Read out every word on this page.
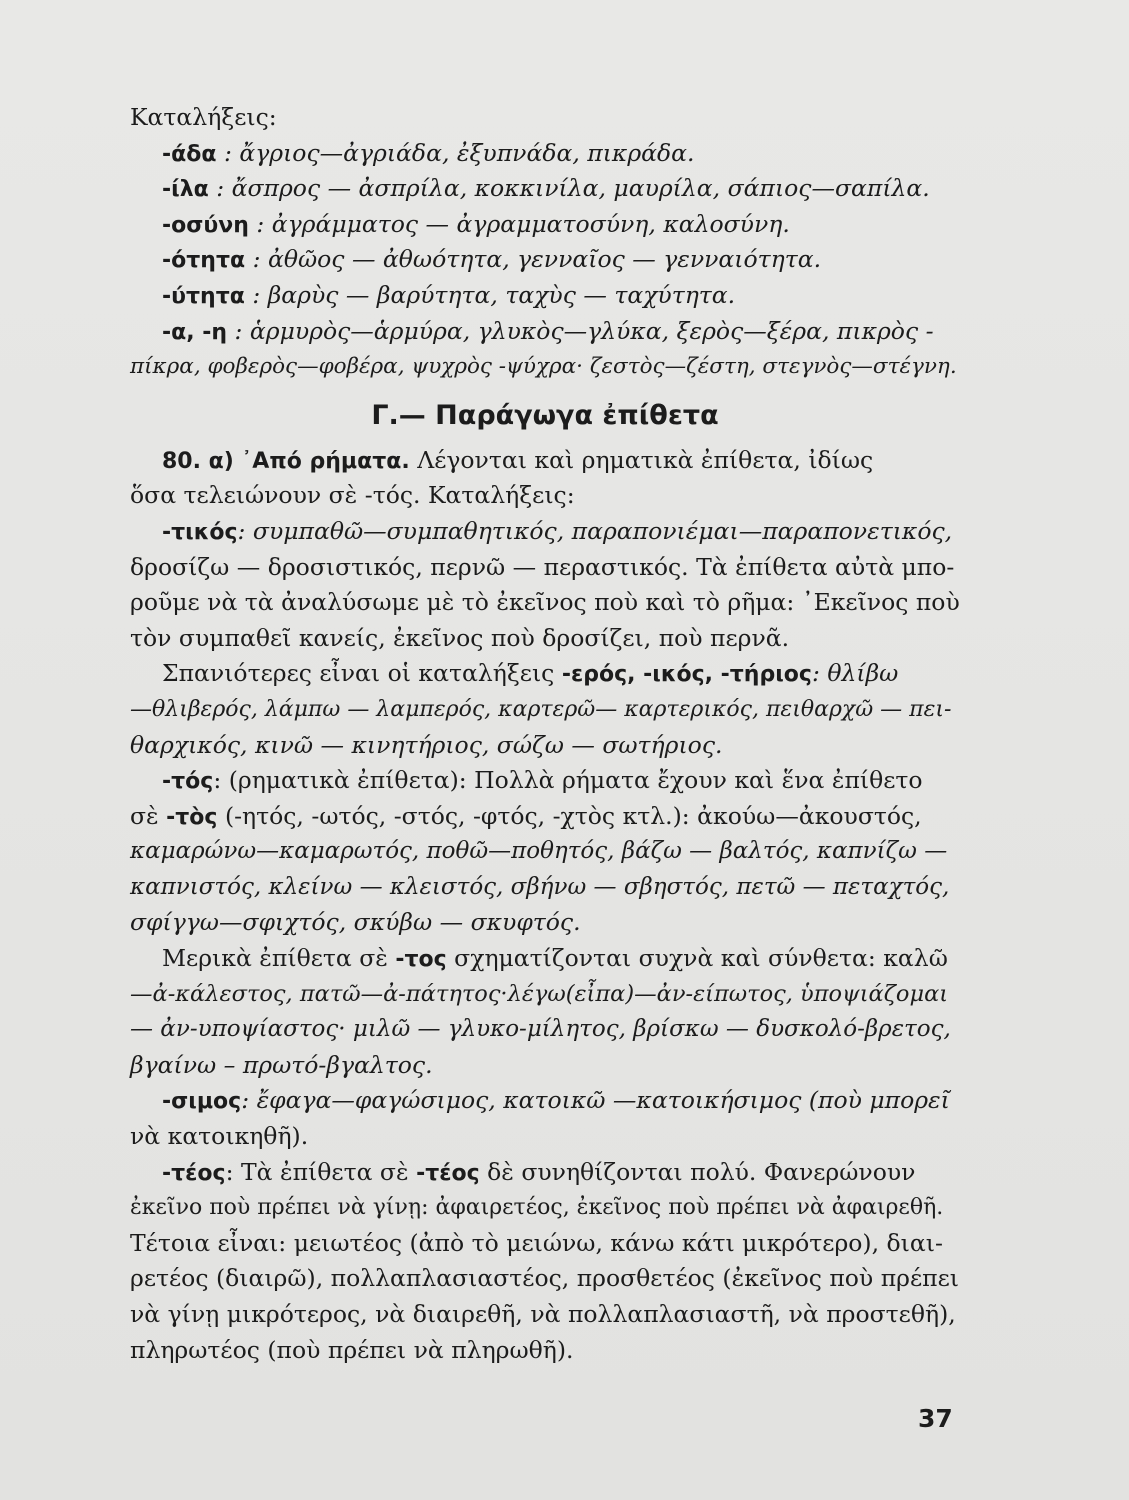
Καταλήξεις:
-άδα : ἄγριος—ἀγριάδα, ἐξυπνάδα, πικράδα.
-ίλα : ἄσπρος — ἀσπρίλα, κοκκινίλα, μαυρίλα, σάπιος—σαπίλα.
-οσύνη : ἀγράμματος — ἀγραμματοσύνη, καλοσύνη.
-ότητα : ἀθῶος — ἀθωότητα, γενναῖος — γενναιότητα.
-ύτητα : βαρὺς — βαρύτητα, ταχὺς — ταχύτητα.
-α, -η : ἁρμυρὸς—ἁρμύρα, γλυκὸς—γλύκα, ξερὸς—ξέρα, πικρὸς -
πίκρα, φοβερὸς—φοβέρα, ψυχρὸς -ψύχρα· ζεστὸς—ζέστη, στεγνὸς—στέγνη.
Γ.— Παράγωγα ἐπίθετα
80. α) ᾽Από ρήματα. Λέγονται καὶ ρηματικὰ ἐπίθετα, ἰδίως
ὅσα τελειώνουν σὲ -τός. Καταλήξεις:
-τικός: συμπαθῶ—συμπαθητικός, παραπονιέμαι—παραπονετικός,
δροσίζω — δροσιστικός, περνῶ — περαστικός. Τὰ ἐπίθετα αὐτὰ μπο-
ροῦμε νὰ τὰ ἀναλύσωμε μὲ τὸ ἐκεῖνος ποὺ καὶ τὸ ρῆμα: ᾽Εκεῖνος ποὺ
τὸν συμπαθεῖ κανείς, ἐκεῖνος ποὺ δροσίζει, ποὺ περνᾶ.
Σπανιότερες εἶναι οἱ καταλήξεις -ερός, -ικός, -τήριος: θλίβω
—θλιβερός, λάμπω — λαμπερός, καρτερῶ— καρτερικός, πειθαρχῶ — πει-
θαρχικός, κινῶ — κινητήριος, σώζω — σωτήριος.
-τός: (ρηματικὰ ἐπίθετα): Πολλὰ ρήματα ἔχουν καὶ ἕνα ἐπίθετο
σὲ -τὸς (-ητός, -ωτός, -στός, -φτός, -χτὸς κτλ.): ἀκούω—ἀκουστός,
καμαρώνω—καμαρωτός, ποθῶ—ποθητός, βάζω — βαλτός, καπνίζω —
καπνιστός, κλείνω — κλειστός, σβήνω — σβηστός, πετῶ — πεταχτός,
σφίγγω—σφιχτός, σκύβω — σκυφτός.
Μερικὰ ἐπίθετα σὲ -τος σχηματίζονται συχνὰ καὶ σύνθετα: καλῶ
—ἀ-κάλεστος, πατῶ—ἀ-πάτητος·λέγω(εἶπα)—ἀν-είπωτος, ὑποψιάζομαι
— ἀν-υποψίαστος· μιλῶ — γλυκο-μίλητος, βρίσκω — δυσκολό-βρετος,
βγαίνω – πρωτό-βγαλτος.
-σιμος: ἔφαγα—φαγώσιμος, κατοικῶ —κατοικήσιμος (ποὺ μπορεῖ
νὰ κατοικηθῆ).
-τέος: Τὰ ἐπίθετα σὲ -τέος δὲ συνηθίζονται πολύ. Φανερώνουν
ἐκεῖνο ποὺ πρέπει νὰ γίνῃ: ἀφαιρετέος, ἐκεῖνος ποὺ πρέπει νὰ ἀφαιρεθῆ.
Τέτοια εἶναι: μειωτέος (ἀπὸ τὸ μειώνω, κάνω κάτι μικρότερο), διαι-
ρετέος (διαιρῶ), πολλαπλασιαστέος, προσθετέος (ἐκεῖνος ποὺ πρέπει
νὰ γίνῃ μικρότερος, νὰ διαιρεθῆ, νὰ πολλαπλασιαστῆ, νὰ προστεθῆ),
πληρωτέος (ποὺ πρέπει νὰ πληρωθῆ).
37
